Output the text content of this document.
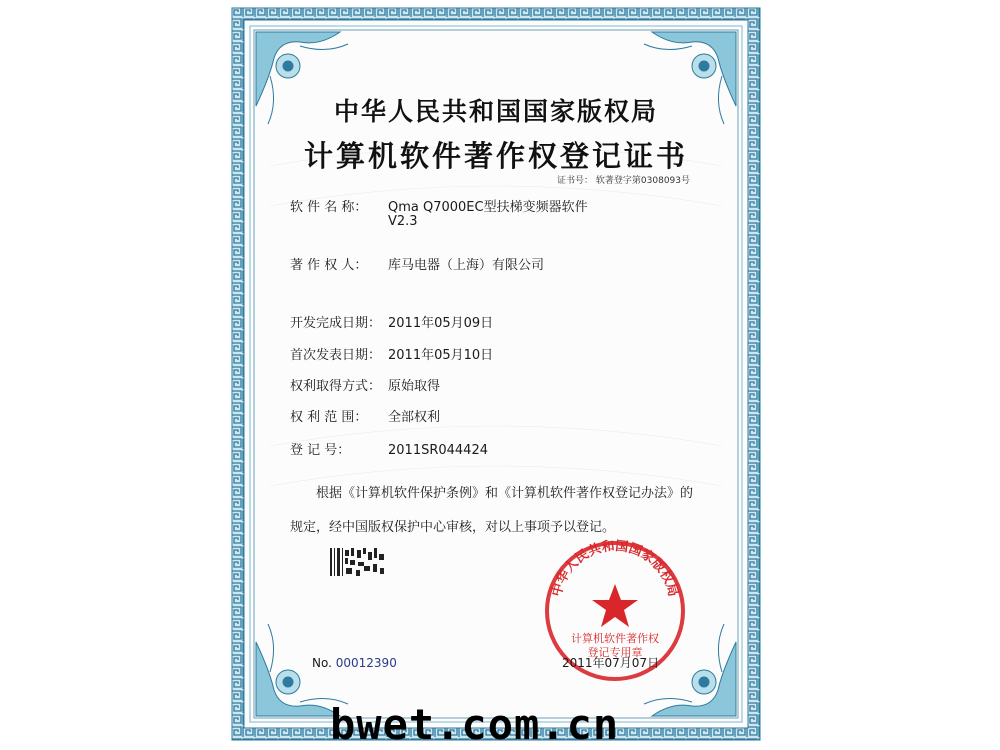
中华人民共和国国家版权局
计算机软件著作权登记证书
证书号： 软著登字第0308093号
软 件 名 称： Qma Q7000EC型扶梯变频器软件
V2.3
著 作 权 人： 库马电器（上海）有限公司
开发完成日期： 2011年05月09日
首次发表日期： 2011年05月10日
权利取得方式： 原始取得
权 利 范 围： 全部权利
登 记 号：	2011SR044424
根据《计算机软件保护条例》和《计算机软件著作权登记办法》的
规定，经中国版权保护中心审核，对以上事项予以登记。
中华人民共和国国家版权局
计算机软件著作权
登记专用章
No. 00012390	2011年07月07日
bwet.com.cn
